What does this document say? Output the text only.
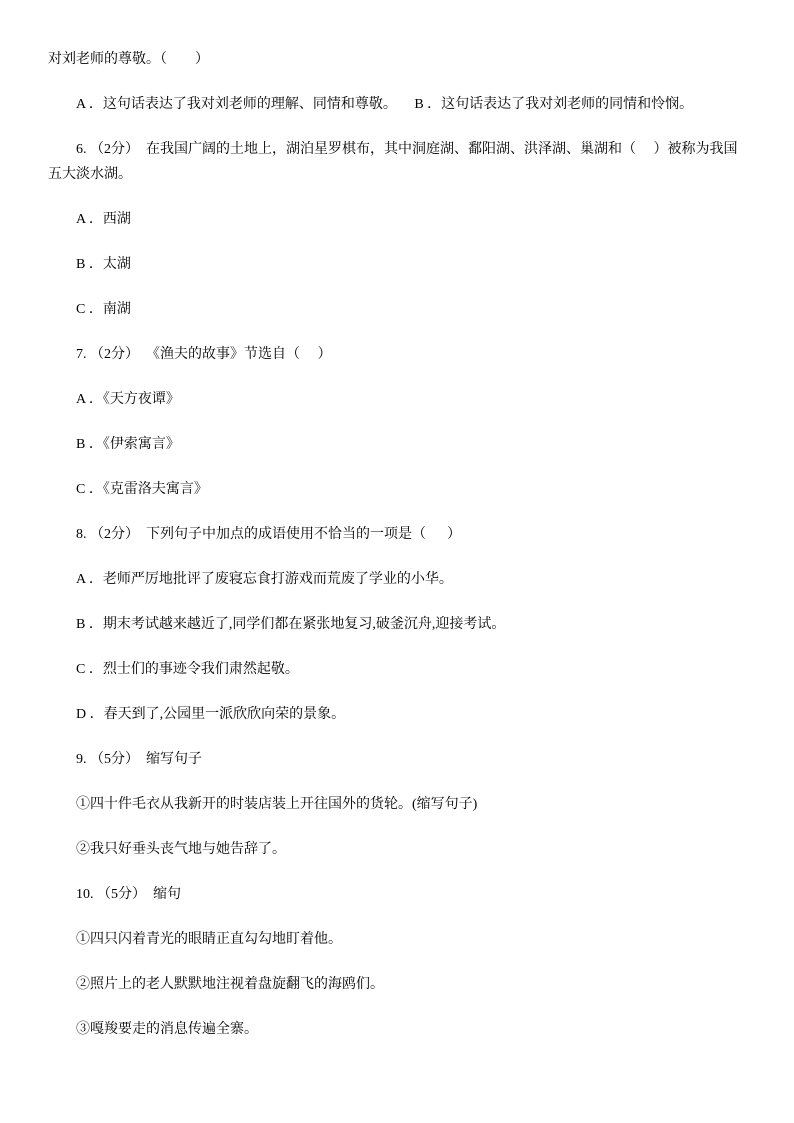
对刘老师的尊敬。（        ）

A ．这句话表达了我对刘老师的理解、同情和尊敬。     B ．这句话表达了我对刘老师的同情和怜悯。

6. （2分）  在我国广阔的土地上，湖泊星罗棋布，其中洞庭湖、鄱阳湖、洪泽湖、巢湖和（     ）被称为我国五大淡水湖。

A ．西湖

B ．太湖

C ．南湖

7. （2分）  《渔夫的故事》节选自（     ）

A ．《天方夜谭》

B ．《伊索寓言》

C ．《克雷洛夫寓言》

8. （2分）  下列句子中加点的成语使用不恰当的一项是（      ）

A ．老师严厉地批评了废寝忘食打游戏而荒废了学业的小华。

B ．期末考试越来越近了,同学们都在紧张地复习,破釜沉舟,迎接考试。

C ．烈士们的事迹令我们肃然起敬。

D ．春天到了,公园里一派欣欣向荣的景象。

9. （5分）  缩写句子

①四十件毛衣从我新开的时装店装上开往国外的货轮。(缩写句子)

②我只好垂头丧气地与她告辞了。

10. （5分）  缩句

①四只闪着青光的眼睛正直勾勾地盯着他。

②照片上的老人默默地注视着盘旋翻飞的海鸥们。

③嘎羧要走的消息传遍全寨。
